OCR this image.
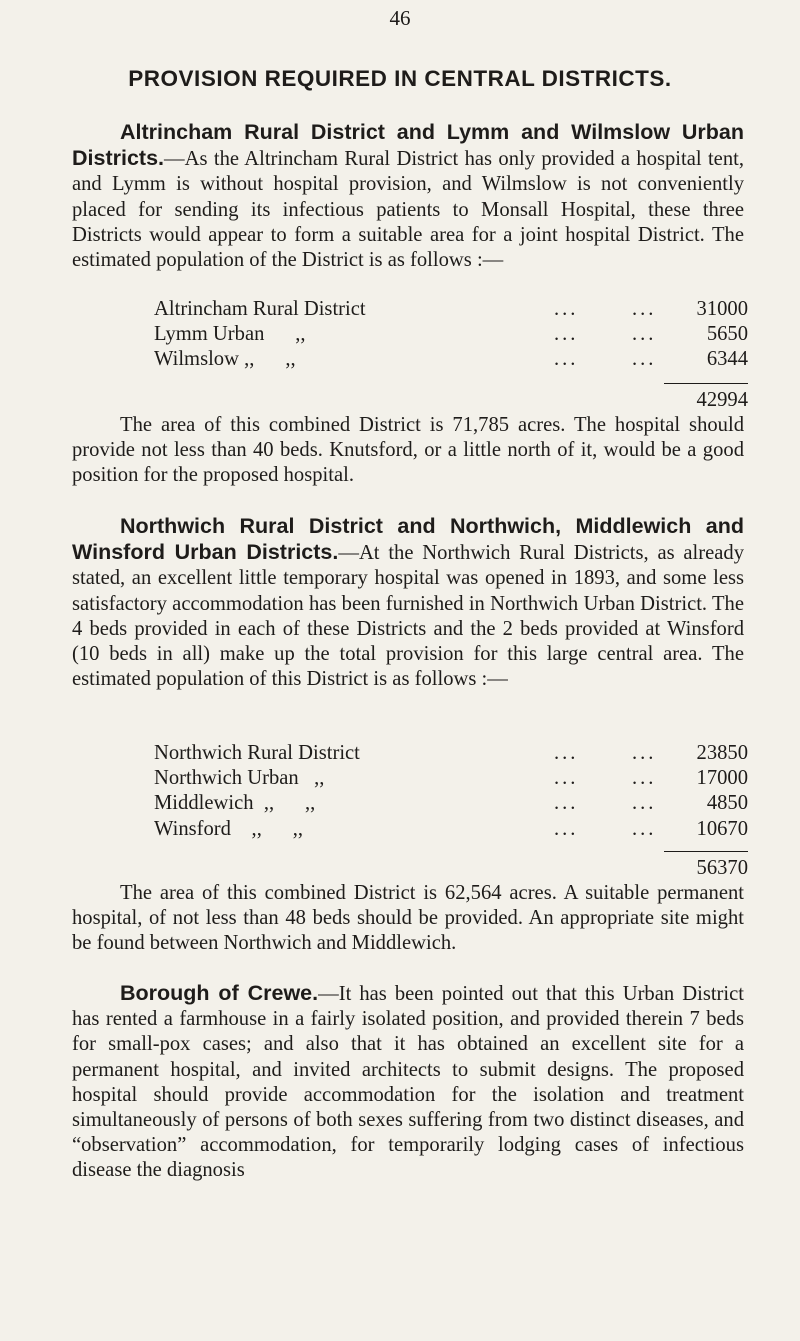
46
PROVISION REQUIRED IN CENTRAL DISTRICTS.

Altrincham Rural District and Lymm and Wilmslow Urban Districts.—As the Altrincham Rural District has only provided a hospital tent, and Lymm is without hospital provision, and Wilmslow is not conveniently placed for sending its infectious patients to Monsall Hospital, these three Districts would appear to form a suitable area for a joint hospital District. The estimated population of the District is as follows :—

Altrincham Rural District	...	... 31000
Lymm Urban      ,,	...	... 5650
Wilmslow ,,      ,,	...	... 6344
42994

The area of this combined District is 71,785 acres. The hospital should provide not less than 40 beds. Knutsford, or a little north of it, would be a good position for the proposed hospital.

Northwich Rural District and Northwich, Middlewich and Winsford Urban Districts.—At the Northwich Rural Districts, as already stated, an excellent little temporary hospital was opened in 1893, and some less satisfactory accommodation has been furnished in Northwich Urban District. The 4 beds provided in each of these Districts and the 2 beds provided at Winsford (10 beds in all) make up the total provision for this large central area. The estimated population of this District is as follows :—

Northwich Rural District	...	... 23850
Northwich Urban   ,,	...	... 17000
Middlewich  ,,      ,,	...	... 4850
Winsford    ,,      ,,	...	... 10670
56370

The area of this combined District is 62,564 acres. A suitable permanent hospital, of not less than 48 beds should be provided. An appropriate site might be found between Northwich and Middlewich.

Borough of Crewe.—It has been pointed out that this Urban District has rented a farmhouse in a fairly isolated position, and provided therein 7 beds for small-pox cases; and also that it has obtained an excellent site for a permanent hospital, and invited architects to submit designs. The proposed hospital should provide accommodation for the isolation and treatment simultaneously of persons of both sexes suffering from two distinct diseases, and “observation” accommodation, for temporarily lodging cases of infectious disease the diagnosis
